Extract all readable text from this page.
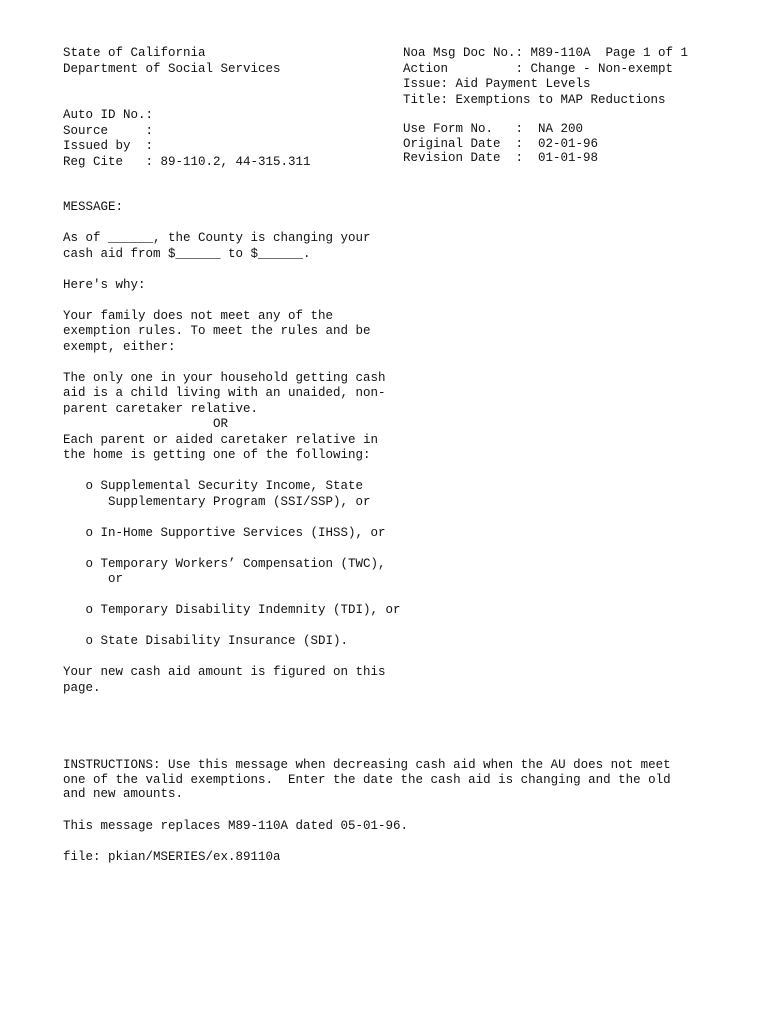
State of California
Department of Social Services
Noa Msg Doc No.: M89-110A  Page 1 of 1
Action         : Change - Non-exempt
Issue: Aid Payment Levels
Title: Exemptions to MAP Reductions
Auto ID No.:
Source     :
Issued by  :
Reg Cite   : 89-110.2, 44-315.311
Use Form No.   :  NA 200
Original Date  :  02-01-96
Revision Date  :  01-01-98
MESSAGE:
As of ______, the County is changing your
cash aid from $______ to $______.
Here's why:
Your family does not meet any of the
exemption rules. To meet the rules and be
exempt, either:
The only one in your household getting cash
aid is a child living with an unaided, non-
parent caretaker relative.
OR
Each parent or aided caretaker relative in
the home is getting one of the following:
o Supplemental Security Income, State
Supplementary Program (SSI/SSP), or
o In-Home Supportive Services (IHSS), or
o Temporary Workers’ Compensation (TWC),
or
o Temporary Disability Indemnity (TDI), or
o State Disability Insurance (SDI).
Your new cash aid amount is figured on this
page.
INSTRUCTIONS: Use this message when decreasing cash aid when the AU does not meet
one of the valid exemptions.  Enter the date the cash aid is changing and the old
and new amounts.
This message replaces M89-110A dated 05-01-96.
file: pkian/MSERIES/ex.89110a
